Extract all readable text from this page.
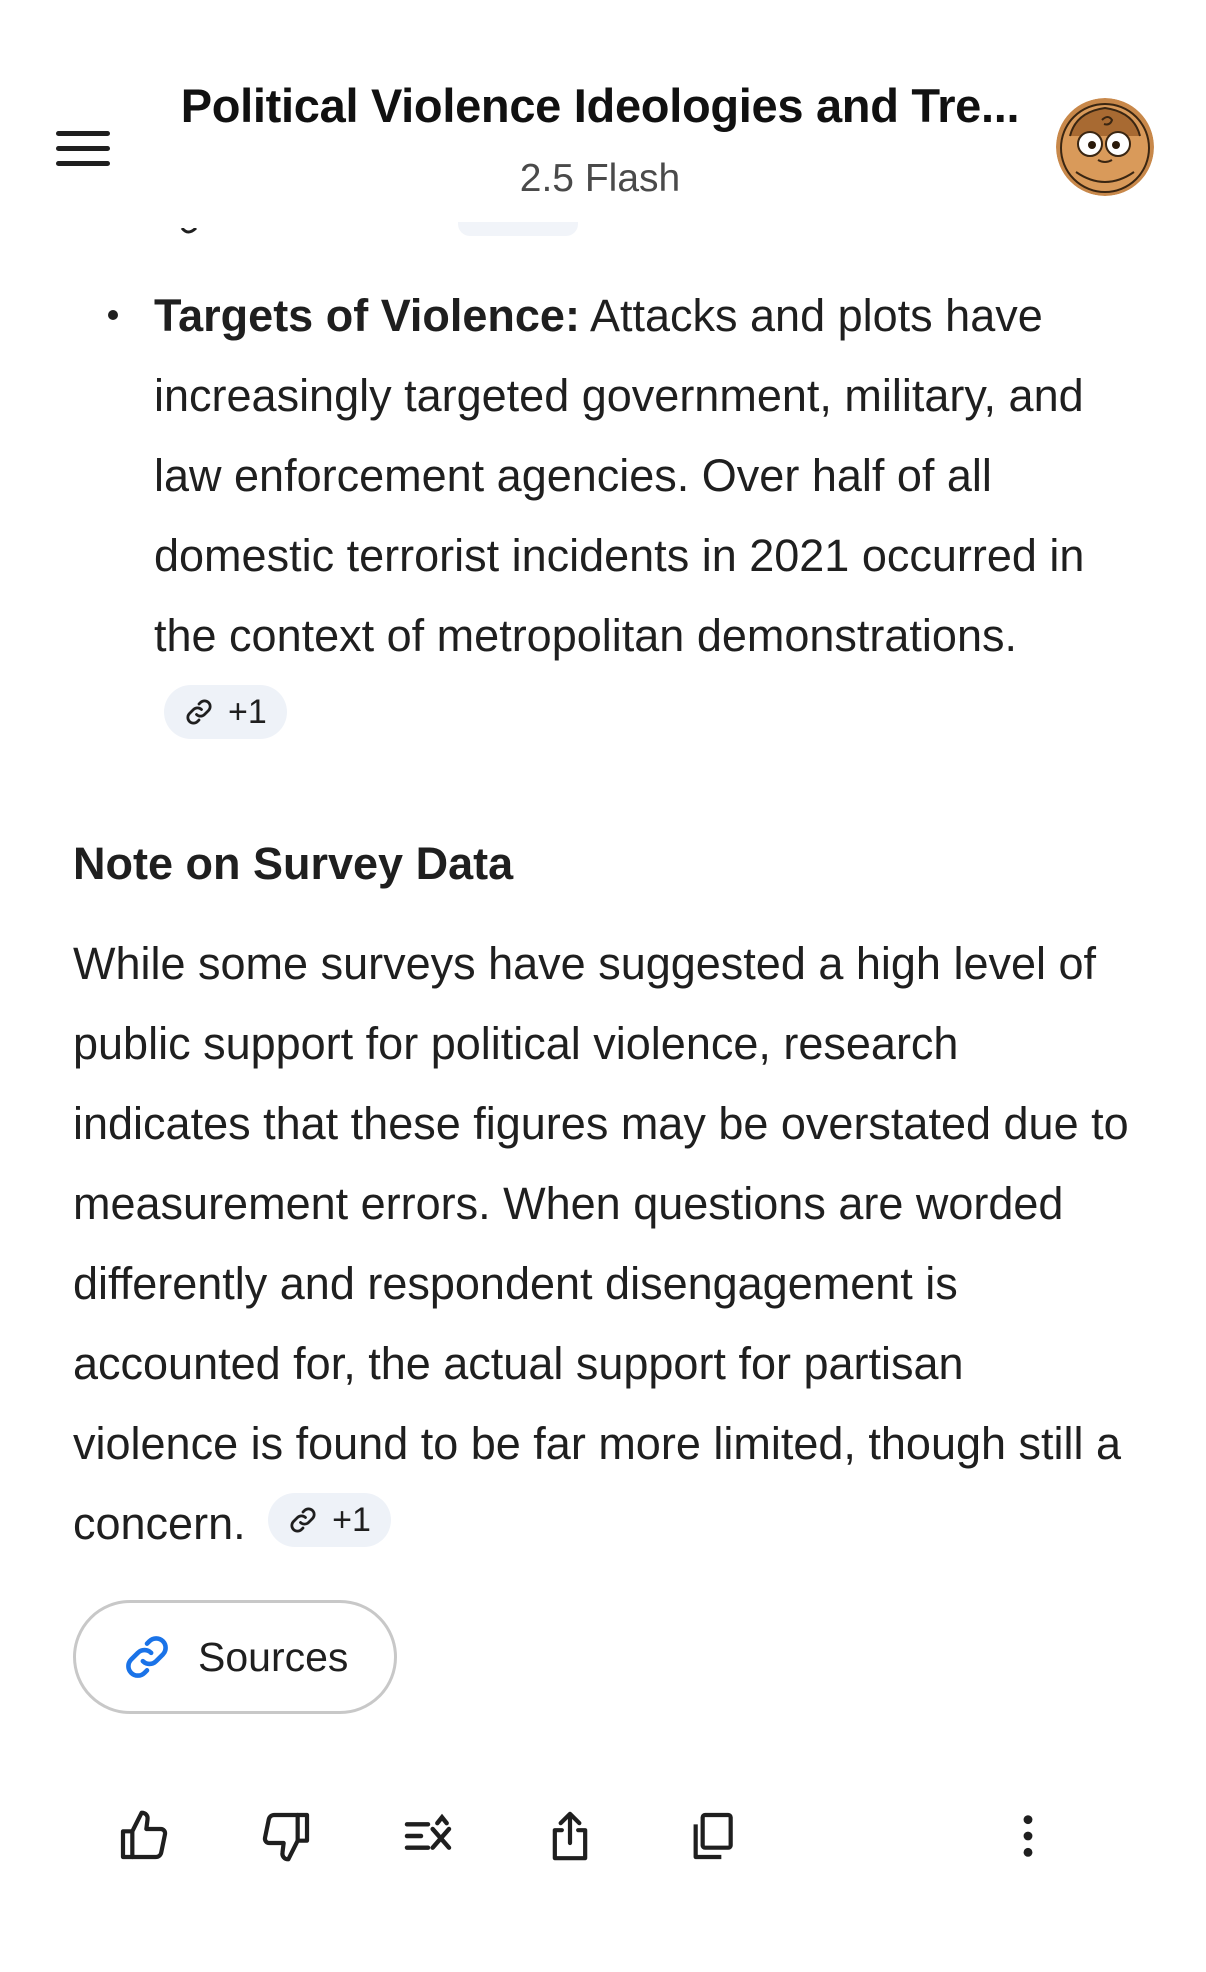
Targets of Violence: Attacks and plots have increasingly targeted government, military, and law enforcement agencies. Over half of all domestic terrorist incidents in 2021 occurred in the context of metropolitan demonstrations.
+1
Note on Survey Data
While some surveys have suggested a high level of public support for political violence, research indicates that these figures may be overstated due to measurement errors. When questions are worded differently and respondent disengagement is accounted for, the actual support for partisan violence is found to be far more limited, though still a concern.	+1
Sources
Political Violence Ideologies and Tre...
2.5 Flash
